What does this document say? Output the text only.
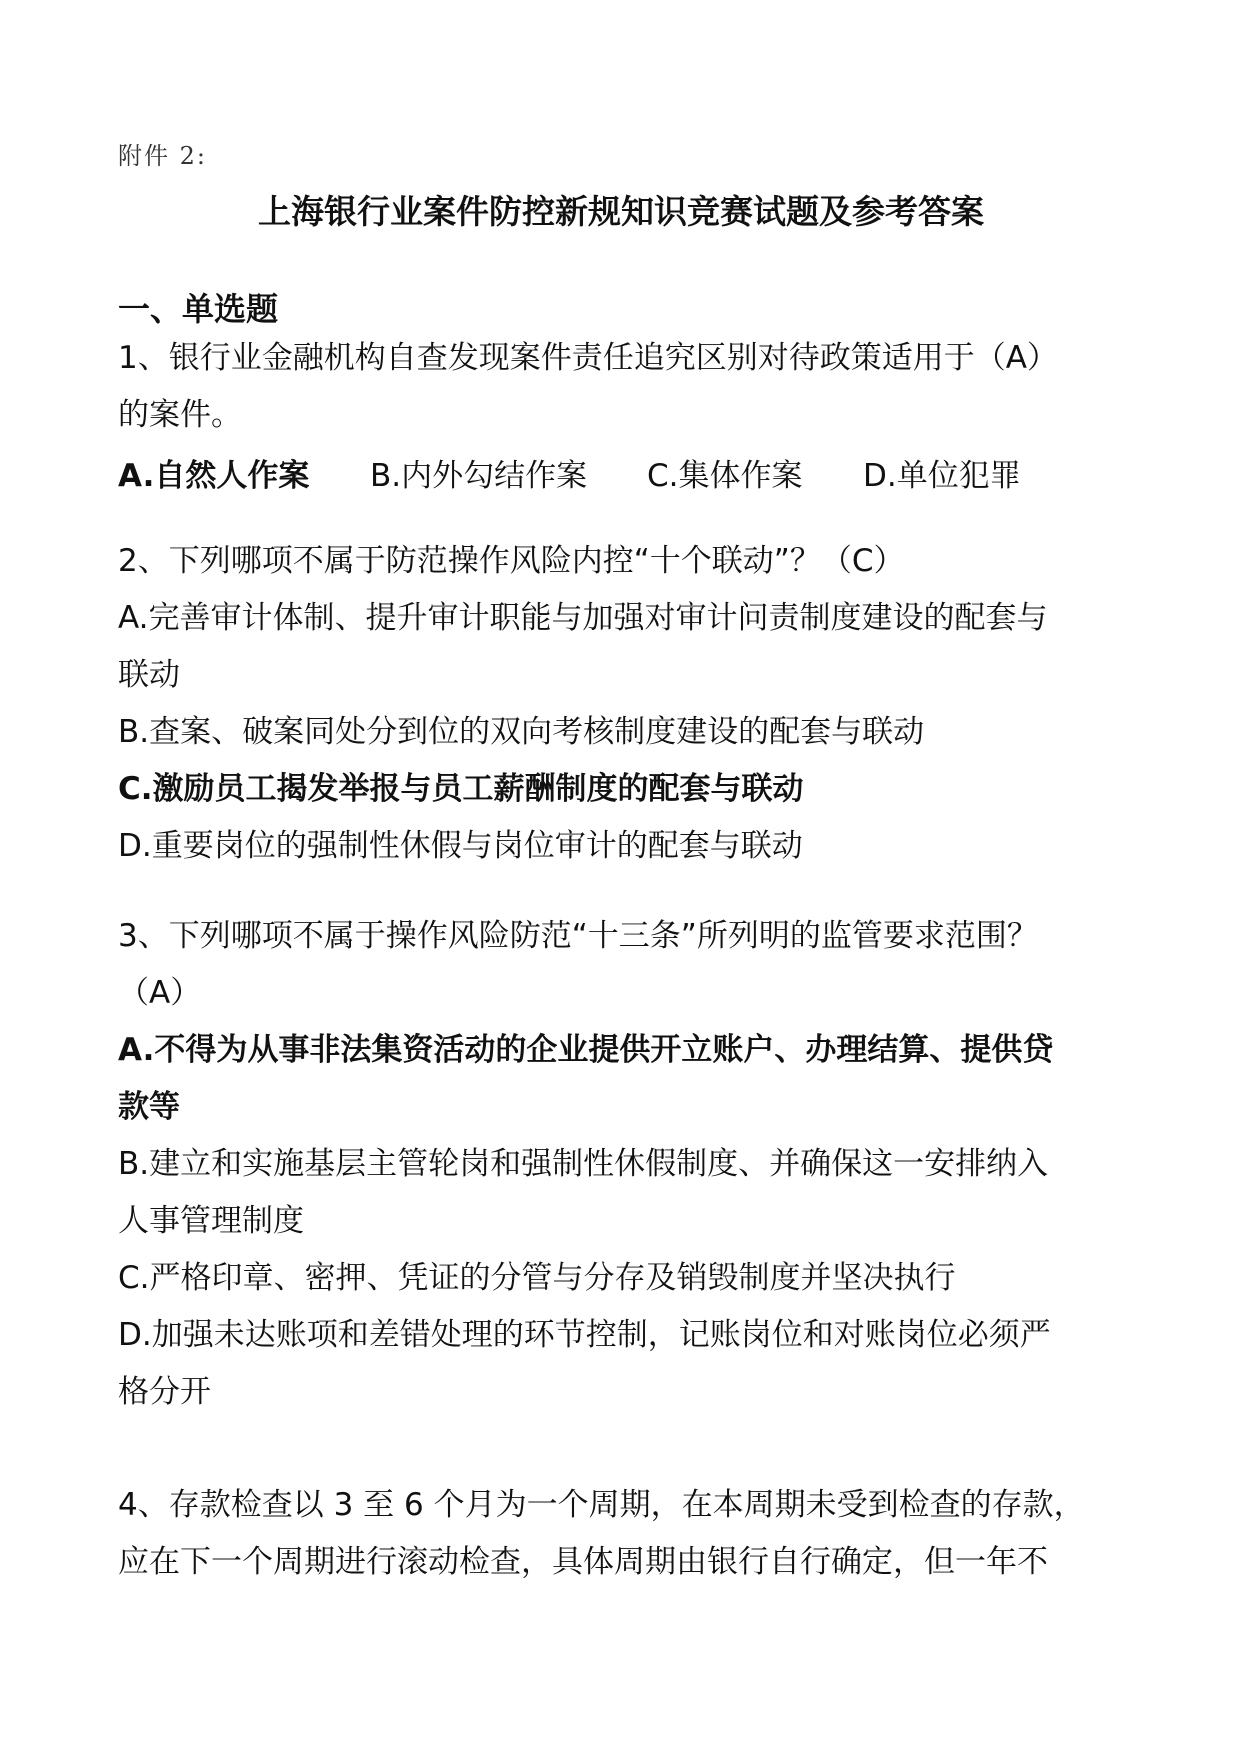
附件 2:
上海银行业案件防控新规知识竞赛试题及参考答案
一、单选题
1、银行业金融机构自查发现案件责任追究区别对待政策适用于（A）
的案件。
A.自然人作案	B.内外勾结作案	C.集体作案	D.单位犯罪
2、下列哪项不属于防范操作风险内控“十个联动”？（C）
A.完善审计体制、提升审计职能与加强对审计问责制度建设的配套与
联动
B.查案、破案同处分到位的双向考核制度建设的配套与联动
C.激励员工揭发举报与员工薪酬制度的配套与联动
D.重要岗位的强制性休假与岗位审计的配套与联动
3、下列哪项不属于操作风险防范“十三条”所列明的监管要求范围？
（A）
A.不得为从事非法集资活动的企业提供开立账户、办理结算、提供贷
款等
B.建立和实施基层主管轮岗和强制性休假制度、并确保这一安排纳入
人事管理制度
C.严格印章、密押、凭证的分管与分存及销毁制度并坚决执行
D.加强未达账项和差错处理的环节控制，记账岗位和对账岗位必须严
格分开
4、存款检查以 3 至 6 个月为一个周期，在本周期未受到检查的存款，
应在下一个周期进行滚动检查，具体周期由银行自行确定，但一年不
